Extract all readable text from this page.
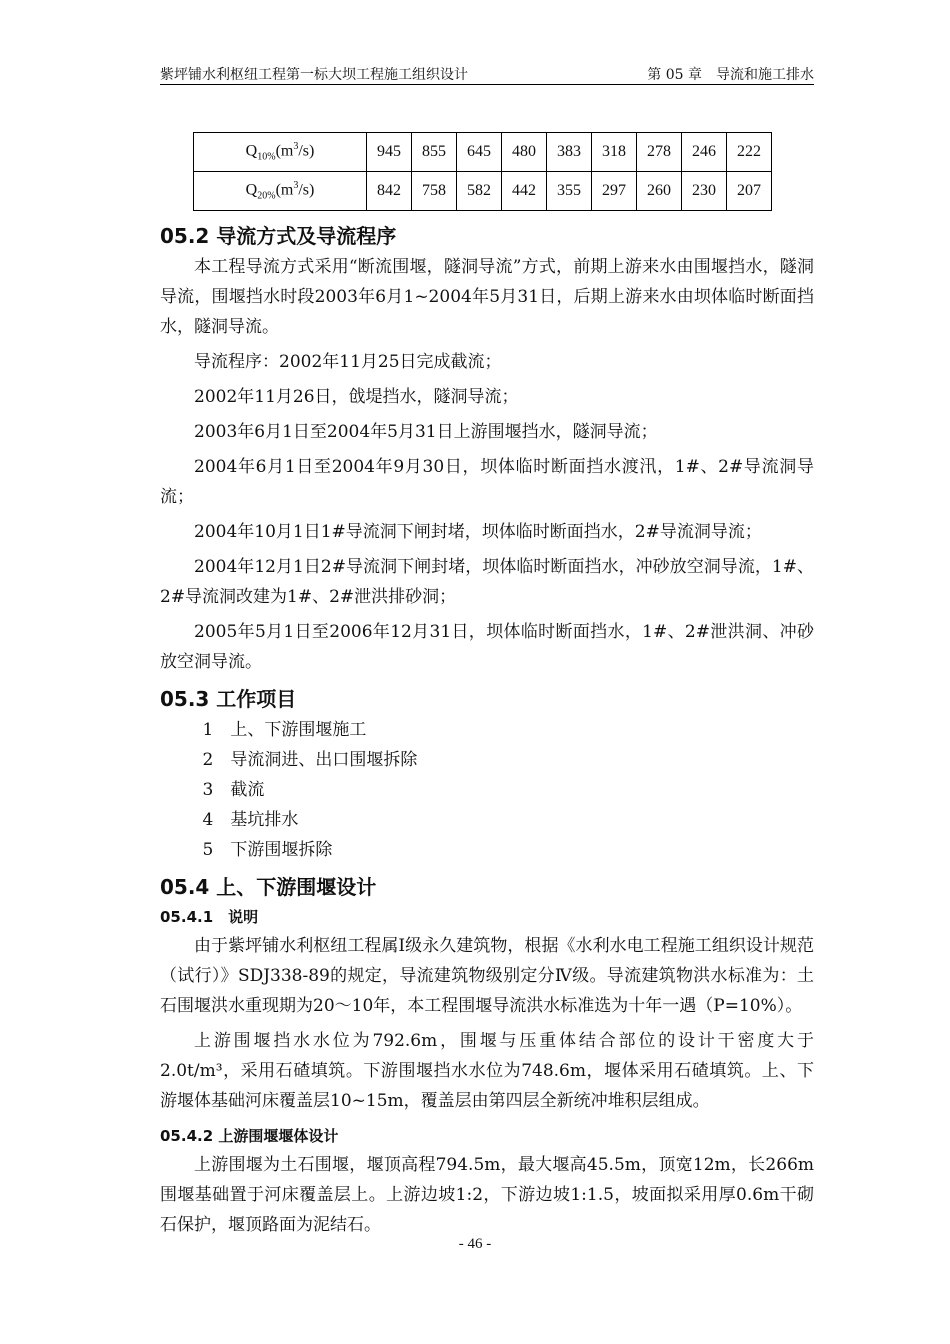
紫坪铺水利枢纽工程第一标大坝工程施工组织设计	第 05 章　导流和施工排水
$Q_{10\%}(m^3/s)$	945	855	645	480	383	318	278	246	222
$Q_{20\%}(m^3/s)$	842	758	582	442	355	297	260	230	207
05.2 导流方式及导流程序

本工程导流方式采用“断流围堰，隧洞导流”方式，前期上游来水由围堰挡水，隧洞导流，围堰挡水时段2003年6月1~2004年5月31日，后期上游来水由坝体临时断面挡水，隧洞导流。

导流程序：2002年11月25日完成截流；

2002年11月26日，戗堤挡水，隧洞导流；

2003年6月1日至2004年5月31日上游围堰挡水，隧洞导流；

2004年6月1日至2004年9月30日，坝体临时断面挡水渡汛，1#、2#导流洞导流；

2004年10月1日1#导流洞下闸封堵，坝体临时断面挡水，2#导流洞导流；

2004年12月1日2#导流洞下闸封堵，坝体临时断面挡水，冲砂放空洞导流，1#、2#导流洞改建为1#、2#泄洪排砂洞；

2005年5月1日至2006年12月31日，坝体临时断面挡水，1#、2#泄洪洞、冲砂放空洞导流。

05.3 工作项目
1　上、下游围堰施工
2　导流洞进、出口围堰拆除
3　截流
4　基坑排水
5　下游围堰拆除
05.4 上、下游围堰设计
05.4.1　说明

由于紫坪铺水利枢纽工程属Ⅰ级永久建筑物，根据《水利水电工程施工组织设计规范（试行）》SDJ338-89的规定，导流建筑物级别定分Ⅳ级。导流建筑物洪水标准为：土石围堰洪水重现期为20～10年，本工程围堰导流洪水标准选为十年一遇（P=10%）。

上游围堰挡水水位为792.6m，围堰与压重体结合部位的设计干密度大于2.0t/m³，采用石碴填筑。下游围堰挡水水位为748.6m，堰体采用石碴填筑。上、下游堰体基础河床覆盖层10~15m，覆盖层由第四层全新统冲堆积层组成。

05.4.2 上游围堰堰体设计

上游围堰为土石围堰，堰顶高程794.5m，最大堰高45.5m，顶宽12m，长266m围堰基础置于河床覆盖层上。上游边坡1:2，下游边坡1:1.5，坡面拟采用厚0.6m干砌石保护，堰顶路面为泥结石。

- 46 -
